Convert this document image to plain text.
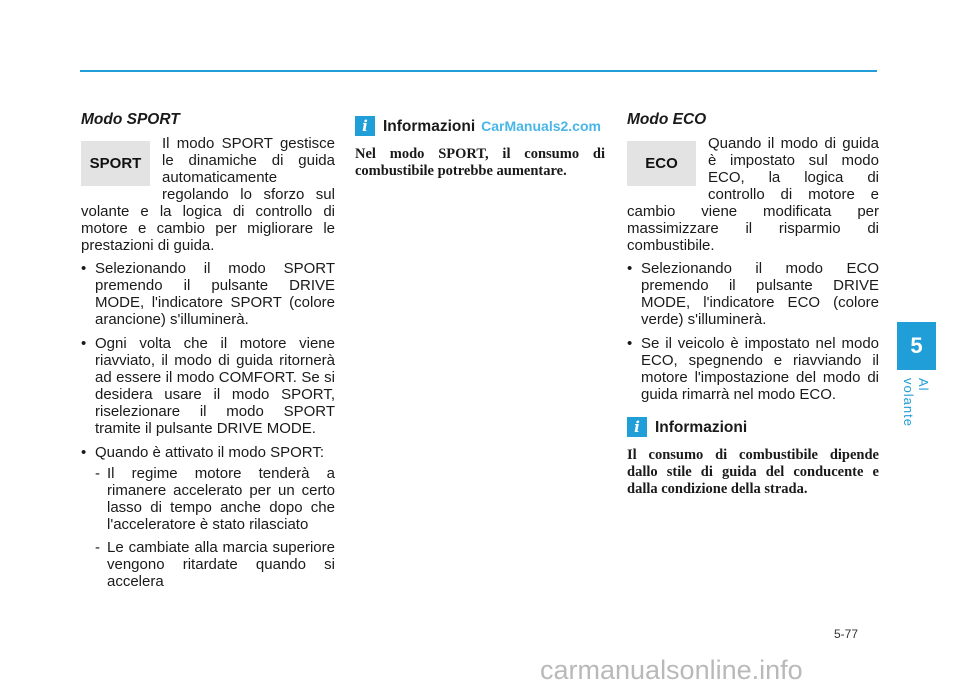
Modo SPORT
SPORT
Il modo SPORT gestisce le dinamiche di guida automaticamente regolando lo sforzo sul volante e la logica di controllo di motore e cambio per migliorare le prestazioni di guida.
• Selezionando il modo SPORT premendo il pulsante DRIVE MODE, l'indicatore SPORT (colore arancione) s'illuminerà.
• Ogni volta che il motore viene riavviato, il modo di guida ritornerà ad essere il modo COMFORT. Se si desidera usare il modo SPORT, riselezionare il modo SPORT tramite il pulsante DRIVE MODE.
• Quando è attivato il modo SPORT:
- Il regime motore tenderà a rimanere accelerato per un certo lasso di tempo anche dopo che l'acceleratore è stato rilasciato
- Le cambiate alla marcia superiore vengono ritardate quando si accelera
i Informazioni CarManuals2.com
Nel modo SPORT, il consumo di combustibile potrebbe aumentare.
Modo ECO
ECO
Quando il modo di guida è impostato sul modo ECO, la logica di controllo di motore e cambio viene modificata per massimizzare il risparmio di combustibile.
• Selezionando il modo ECO premendo il pulsante DRIVE MODE, l'indicatore ECO (colore verde) s'illuminerà.
• Se il veicolo è impostato nel modo ECO, spegnendo e riavviando il motore l'impostazione del modo di guida rimarrà nel modo ECO.
i Informazioni
Il consumo di combustibile dipende dallo stile di guida del conducente e dalla condizione della strada.
5
Al volante
5-77
carmanualsonline.info
